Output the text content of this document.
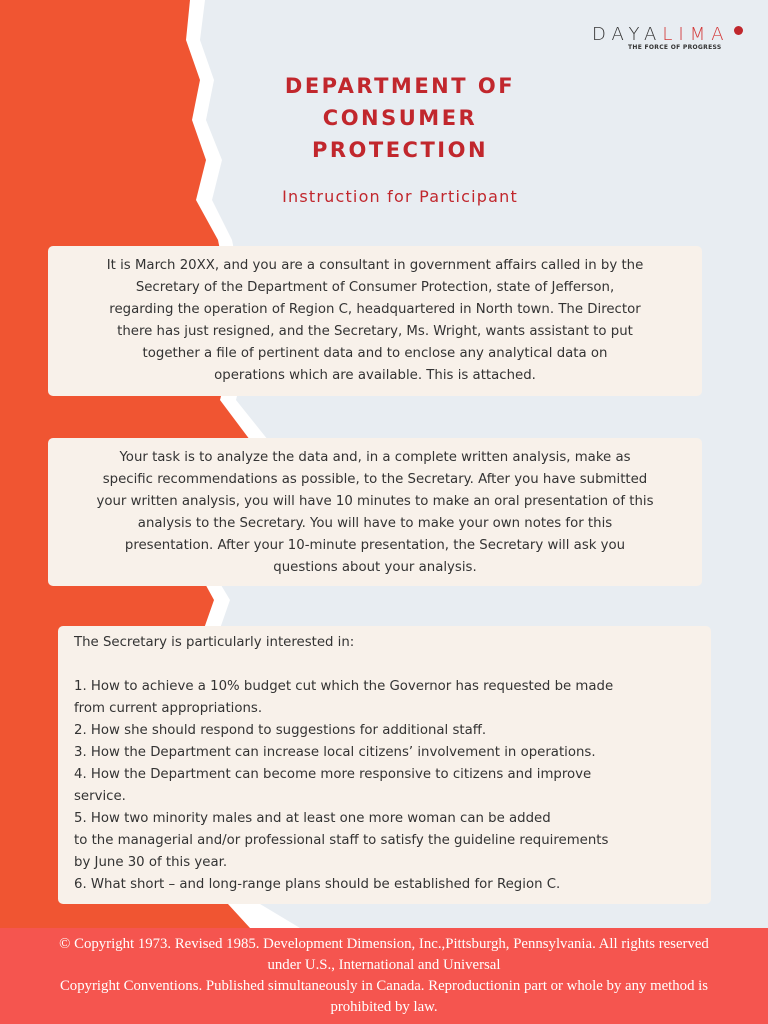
DAYALIMA
THE FORCE OF PROGRESS
DEPARTMENT OF
CONSUMER
PROTECTION
Instruction for Participant
It is March 20XX, and you are a consultant in government affairs called in by the
Secretary of the Department of Consumer Protection, state of Jefferson,
regarding the operation of Region C, headquartered in North town. The Director
there has just resigned, and the Secretary, Ms. Wright, wants assistant to put
together a file of pertinent data and to enclose any analytical data on
operations which are available. This is attached.
Your task is to analyze the data and, in a complete written analysis, make as
specific recommendations as possible, to the Secretary. After you have submitted
your written analysis, you will have 10 minutes to make an oral presentation of this
analysis to the Secretary. You will have to make your own notes for this
presentation. After your 10-minute presentation, the Secretary will ask you
questions about your analysis.

The Secretary is particularly interested in:

1. How to achieve a 10% budget cut which the Governor has requested be made

from current appropriations.

2. How she should respond to suggestions for additional staff.

3. How the Department can increase local citizens’ involvement in operations.

4. How the Department can become more responsive to citizens and improve

service.

5. How two minority males and at least one more woman can be added

to the managerial and/or professional staff to satisfy the guideline requirements

by June 30 of this year.

6. What short – and long-range plans should be established for Region C.

© Copyright 1973. Revised 1985. Development Dimension, Inc.,Pittsburgh, Pennsylvania. All rights reserved
under U.S., International and Universal
Copyright Conventions. Published simultaneously in Canada. Reproductionin part or whole by any method is
prohibited by law.
